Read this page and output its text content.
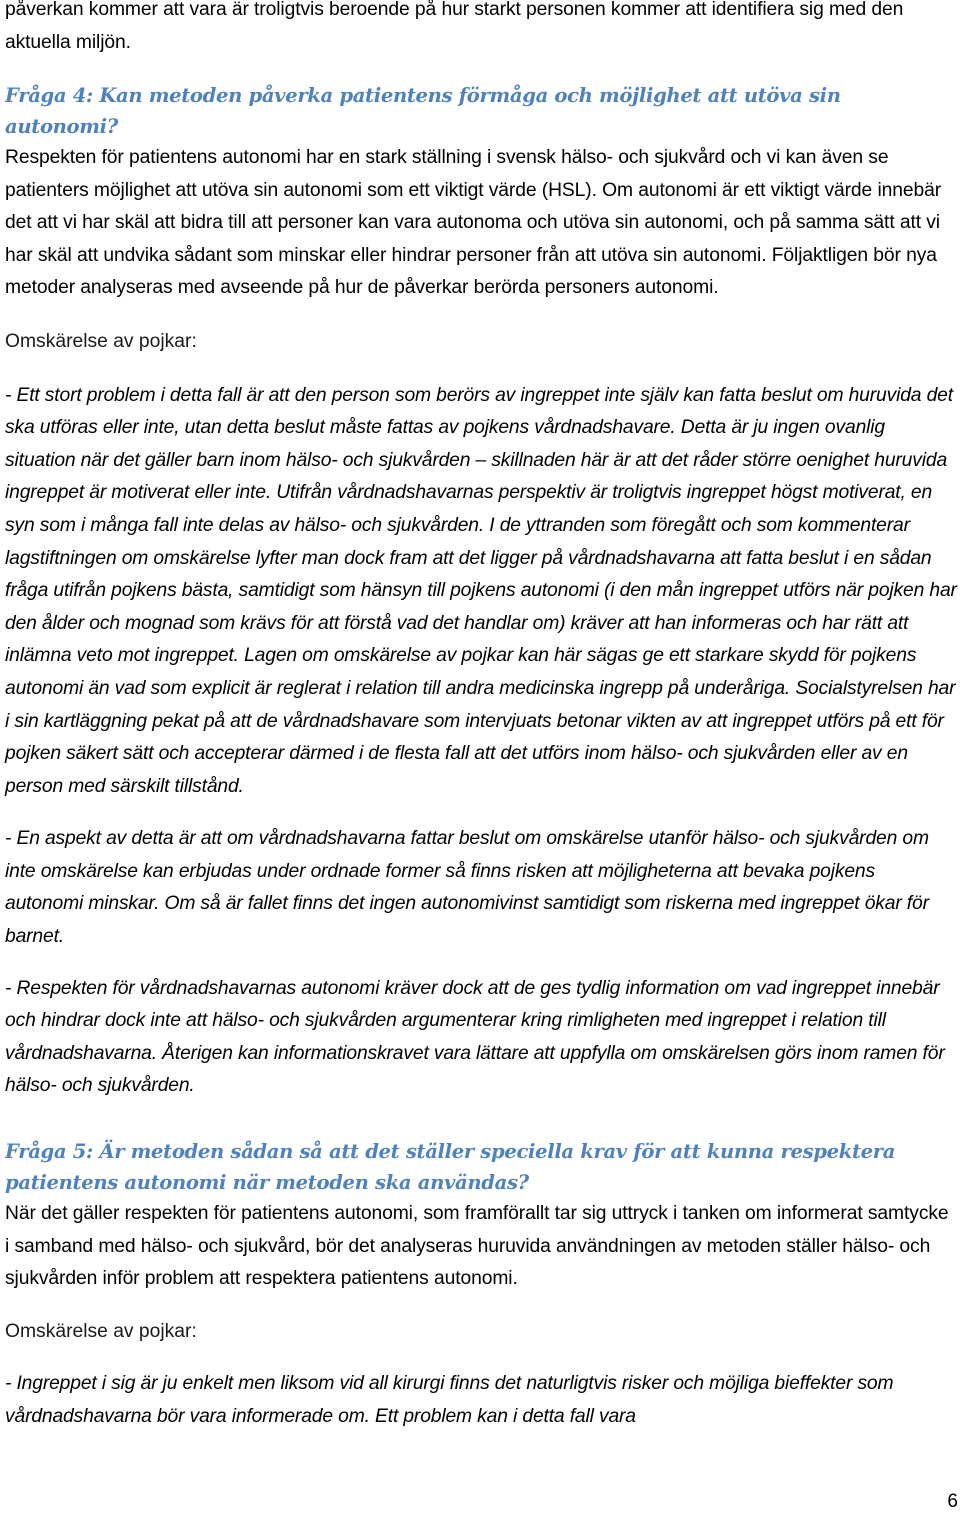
påverkan kommer att vara är troligtvis beroende på hur starkt personen kommer att identifiera sig med den aktuella miljön.

Fråga 4: Kan metoden påverka patientens förmåga och möjlighet att utöva sin autonomi?

Respekten för patientens autonomi har en stark ställning i svensk hälso- och sjukvård och vi kan även se patienters möjlighet att utöva sin autonomi som ett viktigt värde (HSL). Om autonomi är ett viktigt värde innebär det att vi har skäl att bidra till att personer kan vara autonoma och utöva sin autonomi, och på samma sätt att vi har skäl att undvika sådant som minskar eller hindrar personer från att utöva sin autonomi. Följaktligen bör nya metoder analyseras med avseende på hur de påverkar berörda personers autonomi.

Omskärelse av pojkar:

- Ett stort problem i detta fall är att den person som berörs av ingreppet inte själv kan fatta beslut om huruvida det ska utföras eller inte, utan detta beslut måste fattas av pojkens vårdnadshavare. Detta är ju ingen ovanlig situation när det gäller barn inom hälso- och sjukvården – skillnaden här är att det råder större oenighet huruvida ingreppet är motiverat eller inte. Utifrån vårdnadshavarnas perspektiv är troligtvis ingreppet högst motiverat, en syn som i många fall inte delas av hälso- och sjukvården. I de yttranden som föregått och som kommenterar lagstiftningen om omskärelse lyfter man dock fram att det ligger på vårdnadshavarna att fatta beslut i en sådan fråga utifrån pojkens bästa, samtidigt som hänsyn till pojkens autonomi (i den mån ingreppet utförs när pojken har den ålder och mognad som krävs för att förstå vad det handlar om) kräver att han informeras och har rätt att inlämna veto mot ingreppet. Lagen om omskärelse av pojkar kan här sägas ge ett starkare skydd för pojkens autonomi än vad som explicit är reglerat i relation till andra medicinska ingrepp på underåriga. Socialstyrelsen har i sin kartläggning pekat på att de vårdnadshavare som intervjuats betonar vikten av att ingreppet utförs på ett för pojken säkert sätt och accepterar därmed i de flesta fall att det utförs inom hälso- och sjukvården eller av en person med särskilt tillstånd.

- En aspekt av detta är att om vårdnadshavarna fattar beslut om omskärelse utanför hälso- och sjukvården om inte omskärelse kan erbjudas under ordnade former så finns risken att möjligheterna att bevaka pojkens autonomi minskar. Om så är fallet finns det ingen autonomivinst samtidigt som riskerna med ingreppet ökar för barnet.

- Respekten för vårdnadshavarnas autonomi kräver dock att de ges tydlig information om vad ingreppet innebär och hindrar dock inte att hälso- och sjukvården argumenterar kring rimligheten med ingreppet i relation till vårdnadshavarna. Återigen kan informationskravet vara lättare att uppfylla om omskärelsen görs inom ramen för hälso- och sjukvården.

Fråga 5: Är metoden sådan så att det ställer speciella krav för att kunna respektera patientens autonomi när metoden ska användas?

När det gäller respekten för patientens autonomi, som framförallt tar sig uttryck i tanken om informerat samtycke i samband med hälso- och sjukvård, bör det analyseras huruvida användningen av metoden ställer hälso- och sjukvården inför problem att respektera patientens autonomi.

Omskärelse av pojkar:

- Ingreppet i sig är ju enkelt men liksom vid all kirurgi finns det naturligtvis risker och möjliga bieffekter som vårdnadshavarna bör vara informerade om. Ett problem kan i detta fall vara

6
